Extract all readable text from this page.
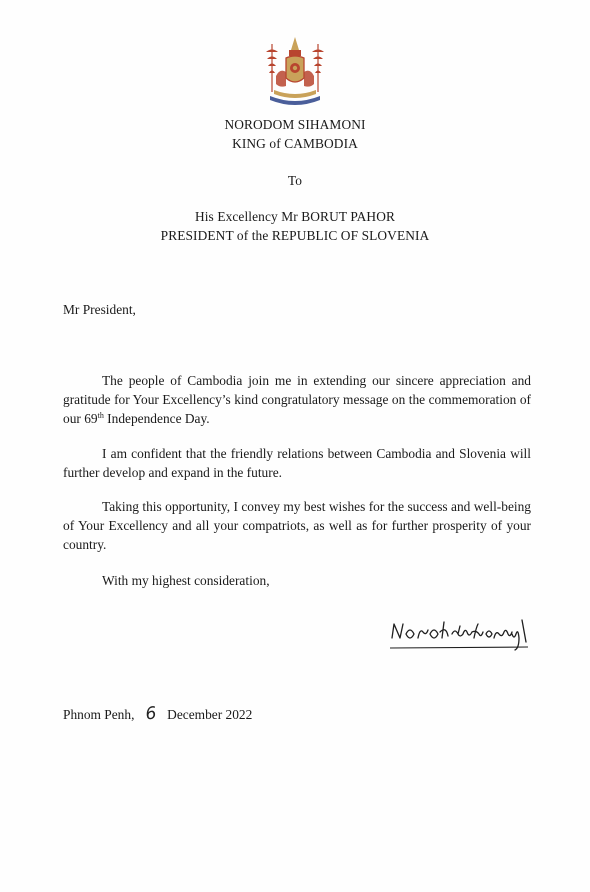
NORODOM SIHAMONI
KING of CAMBODIA
To
His Excellency Mr BORUT PAHOR
PRESIDENT of the REPUBLIC OF SLOVENIA
Mr President,
The people of Cambodia join me in extending our sincere appreciation and gratitude for Your Excellency’s kind congratulatory message on the commemoration of our 69th Independence Day.
I am confident that the friendly relations between Cambodia and Slovenia will further develop and expand in the future.
Taking this opportunity, I convey my best wishes for the success and well-being of Your Excellency and all your compatriots, as well as for further prosperity of your country.
With my highest consideration,
Phnom Penh, 6 December 2022
